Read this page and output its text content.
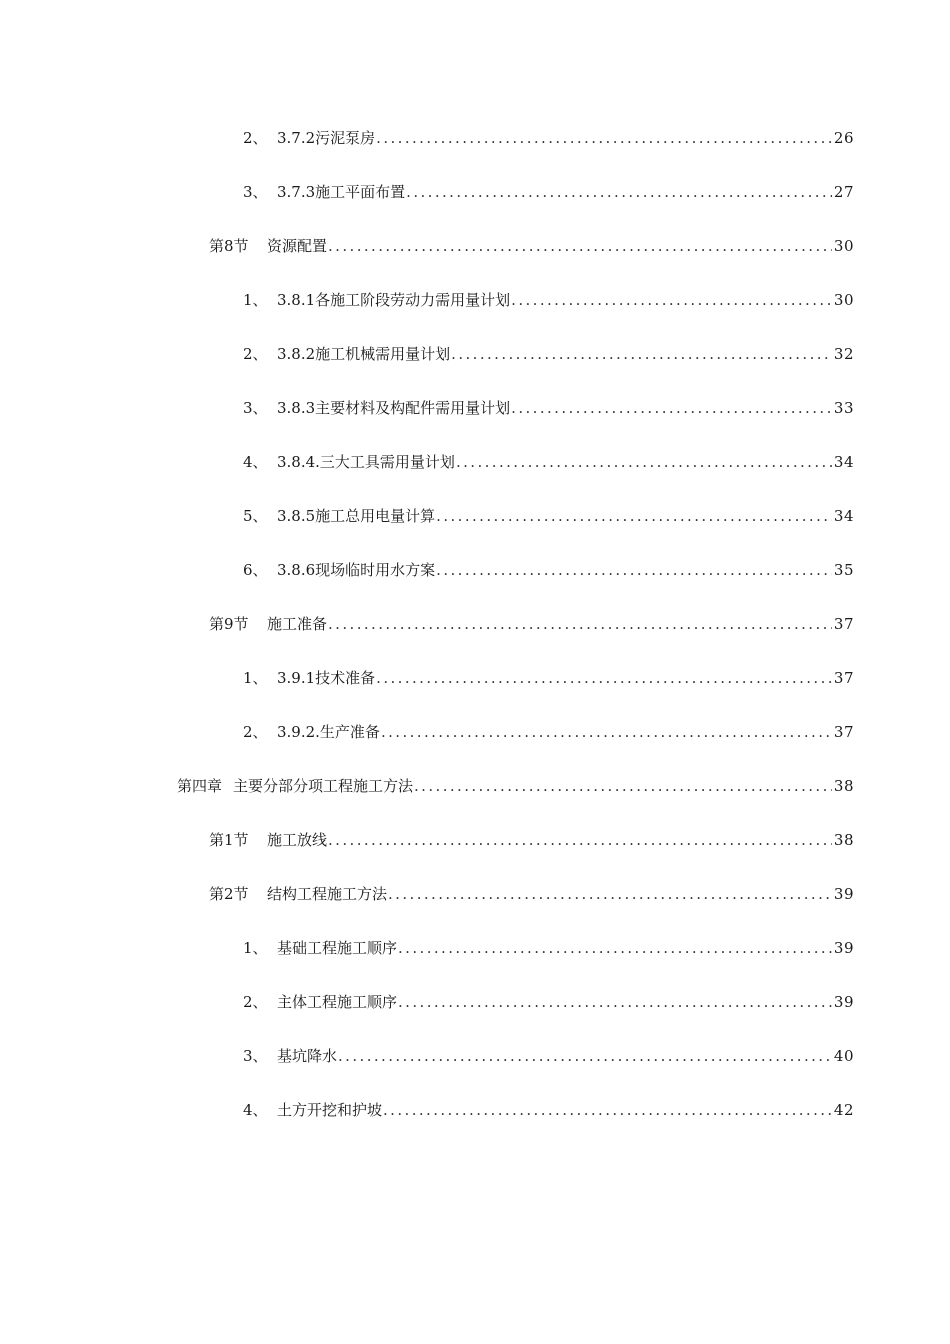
2、 3.7.2污泥泵房 .....	26
3、 3.7.3施工平面布置 .....	27
第8节	资源配置 .....	30
1、 3.8.1各施工阶段劳动力需用量计划 .....	30
2、 3.8.2施工机械需用量计划 .....	32
3、 3.8.3主要材料及构配件需用量计划 .....	33
4、 3.8.4.三大工具需用量计划 .....	34
5、 3.8.5施工总用电量计算 .....	34
6、 3.8.6现场临时用水方案 .....	35
第9节	施工准备 .....	37
1、 3.9.1技术准备 .....	37
2、 3.9.2.生产准备 .....	37
第四章 主要分部分项工程施工方法 .....	38
第1节	施工放线 .....	38
第2节	结构工程施工方法 .....	39
1、 基础工程施工顺序 .....	39
2、 主体工程施工顺序 .....	39
3、 基坑降水 .....	40
4、 土方开挖和护坡 .....	42
